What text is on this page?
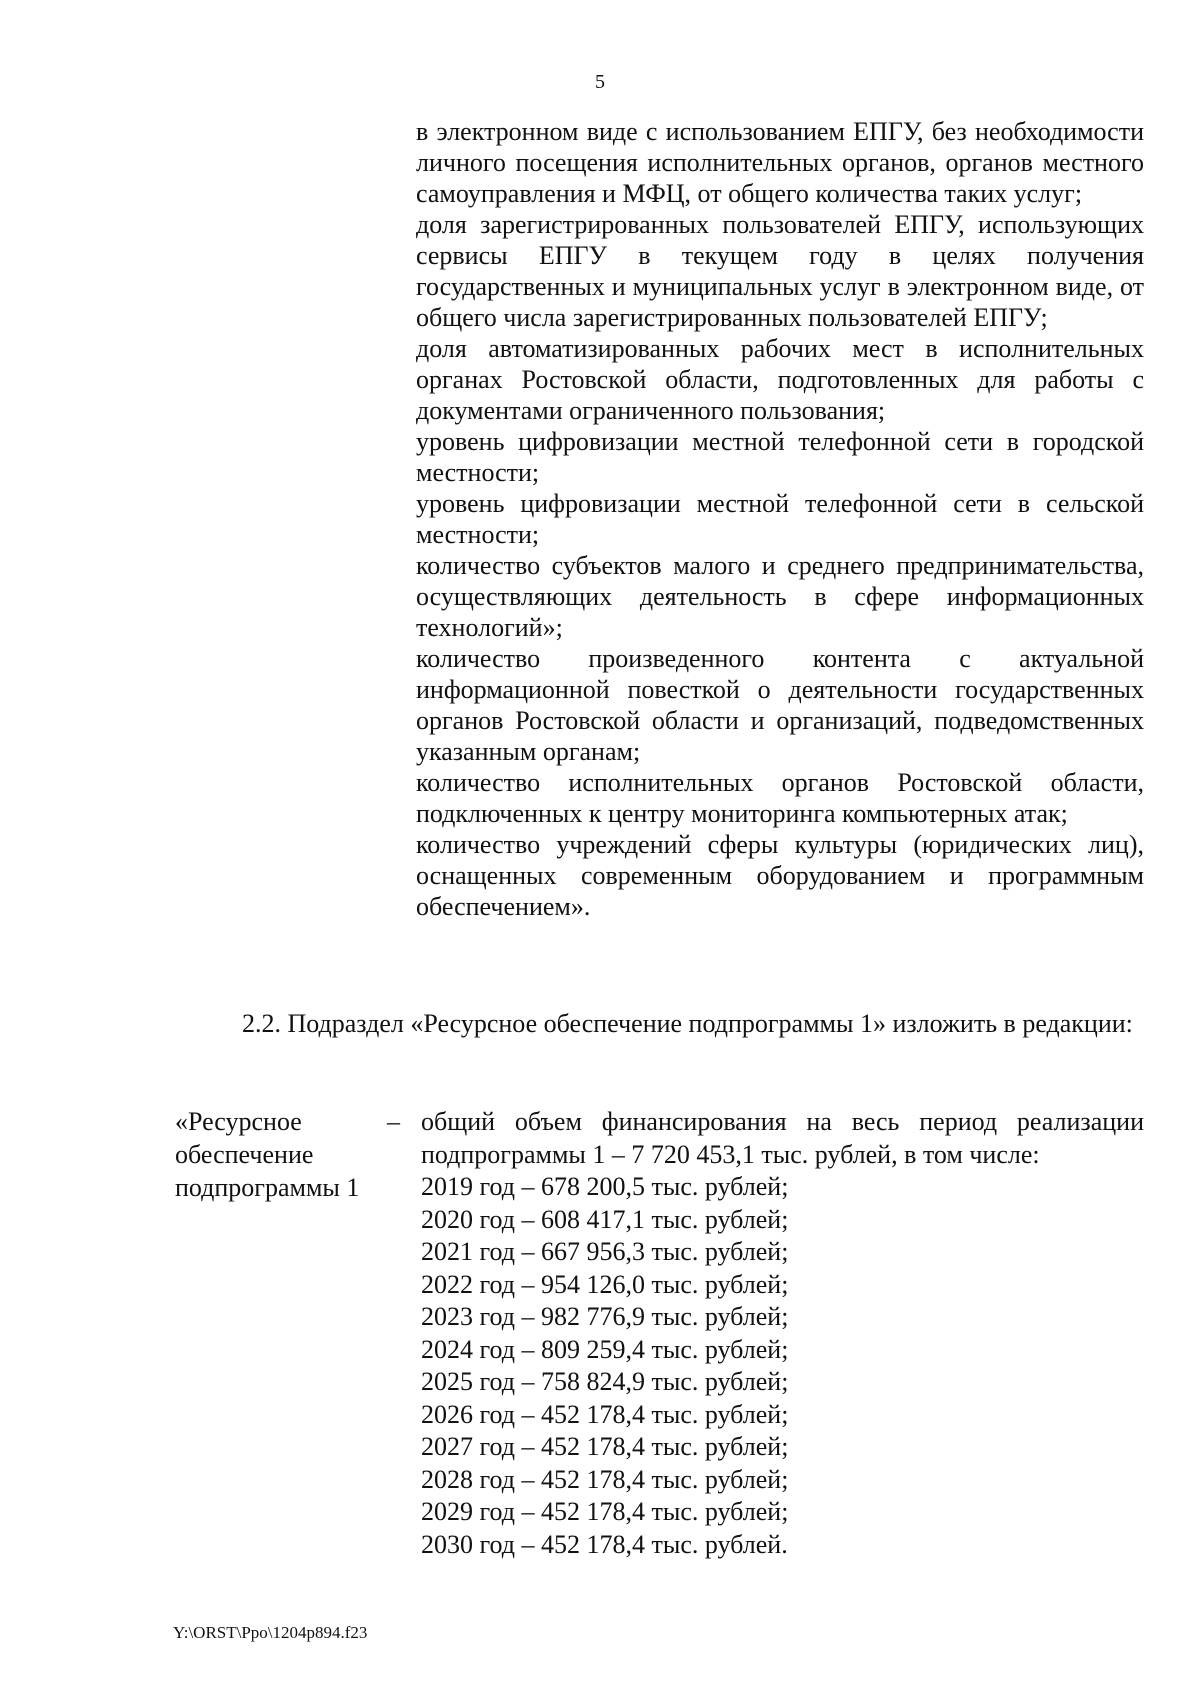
5
в электронном виде с использованием ЕПГУ, без необходимости личного посещения исполнительных органов, органов местного самоуправления и МФЦ, от общего количества таких услуг;
доля зарегистрированных пользователей ЕПГУ, использующих сервисы ЕПГУ в текущем году в целях получения государственных и муниципальных услуг в электронном виде, от общего числа зарегистрированных пользователей ЕПГУ;
доля автоматизированных рабочих мест в исполнительных органах Ростовской области, подготовленных для работы с документами ограниченного пользования;
уровень цифровизации местной телефонной сети в городской местности;
уровень цифровизации местной телефонной сети в сельской местности;
количество субъектов малого и среднего предпринимательства, осуществляющих деятельность в сфере информационных технологий»;
количество произведенного контента с актуальной информационной повесткой о деятельности государственных органов Ростовской области и организаций, подведомственных указанным органам;
количество исполнительных органов Ростовской области, подключенных к центру мониторинга компьютерных атак;
количество учреждений сферы культуры (юридических лиц), оснащенных современным оборудованием и программным обеспечением».
2.2. Подраздел «Ресурсное обеспечение подпрограммы 1» изложить в редакции:
«Ресурсное обеспечение подпрограммы 1
– общий объем финансирования на весь период реализации подпрограммы 1 – 7 720 453,1 тыс. рублей, в том числе:
2019 год – 678 200,5 тыс. рублей;
2020 год – 608 417,1 тыс. рублей;
2021 год – 667 956,3 тыс. рублей;
2022 год – 954 126,0 тыс. рублей;
2023 год – 982 776,9 тыс. рублей;
2024 год – 809 259,4 тыс. рублей;
2025 год – 758 824,9 тыс. рублей;
2026 год – 452 178,4 тыс. рублей;
2027 год – 452 178,4 тыс. рублей;
2028 год – 452 178,4 тыс. рублей;
2029 год – 452 178,4 тыс. рублей;
2030 год – 452 178,4 тыс. рублей.
Y:\ORST\Ppo\1204p894.f23
